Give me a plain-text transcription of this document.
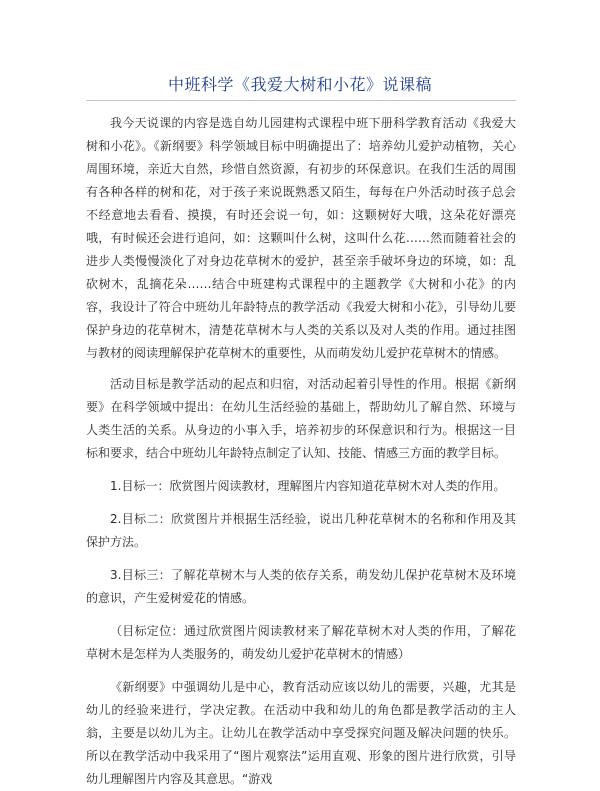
中班科学《我爱大树和小花》说课稿

我今天说课的内容是选自幼儿园建构式课程中班下册科学教育活动《我爱大树和小花》。《新纲要》科学领域目标中明确提出了：培养幼儿爱护动植物，关心周围环境，亲近大自然，珍惜自然资源，有初步的环保意识。在我们生活的周围有各种各样的树和花，对于孩子来说既熟悉又陌生，每每在户外活动时孩子总会不经意地去看看、摸摸，有时还会说一句，如：这颗树好大哦，这朵花好漂亮哦，有时候还会进行追问，如：这颗叫什么树，这叫什么花……然而随着社会的进步人类慢慢淡化了对身边花草树木的爱护，甚至亲手破坏身边的环境，如：乱砍树木，乱摘花朵……结合中班建构式课程中的主题教学《大树和小花》的内容，我设计了符合中班幼儿年龄特点的教学活动《我爱大树和小花》，引导幼儿要保护身边的花草树木，清楚花草树木与人类的关系以及对人类的作用。通过挂图与教材的阅读理解保护花草树木的重要性，从而萌发幼儿爱护花草树木的情感。

活动目标是教学活动的起点和归宿，对活动起着引导性的作用。根据《新纲要》在科学领域中提出：在幼儿生活经验的基础上，帮助幼儿了解自然、环境与人类生活的关系。从身边的小事入手，培养初步的环保意识和行为。根据这一目标和要求，结合中班幼儿年龄特点制定了认知、技能、情感三方面的教学目标。

1.目标一：欣赏图片阅读教材，理解图片内容知道花草树木对人类的作用。

2.目标二：欣赏图片并根据生活经验，说出几种花草树木的名称和作用及其保护方法。

3.目标三：了解花草树木与人类的依存关系，萌发幼儿保护花草树木及环境的意识，产生爱树爱花的情感。

（目标定位：通过欣赏图片阅读教材来了解花草树木对人类的作用，了解花草树木是怎样为人类服务的，萌发幼儿爱护花草树木的情感）

《新纲要》中强调幼儿是中心，教育活动应该以幼儿的需要，兴趣，尤其是幼儿的经验来进行，学决定教。在活动中我和幼儿的角色都是教学活动的主人翁，主要是以幼儿为主。让幼儿在教学活动中享受探究问题及解决问题的快乐。所以在教学活动中我采用了“图片观察法”运用直观、形象的图片进行欣赏，引导幼儿理解图片内容及其意思。“游戏
